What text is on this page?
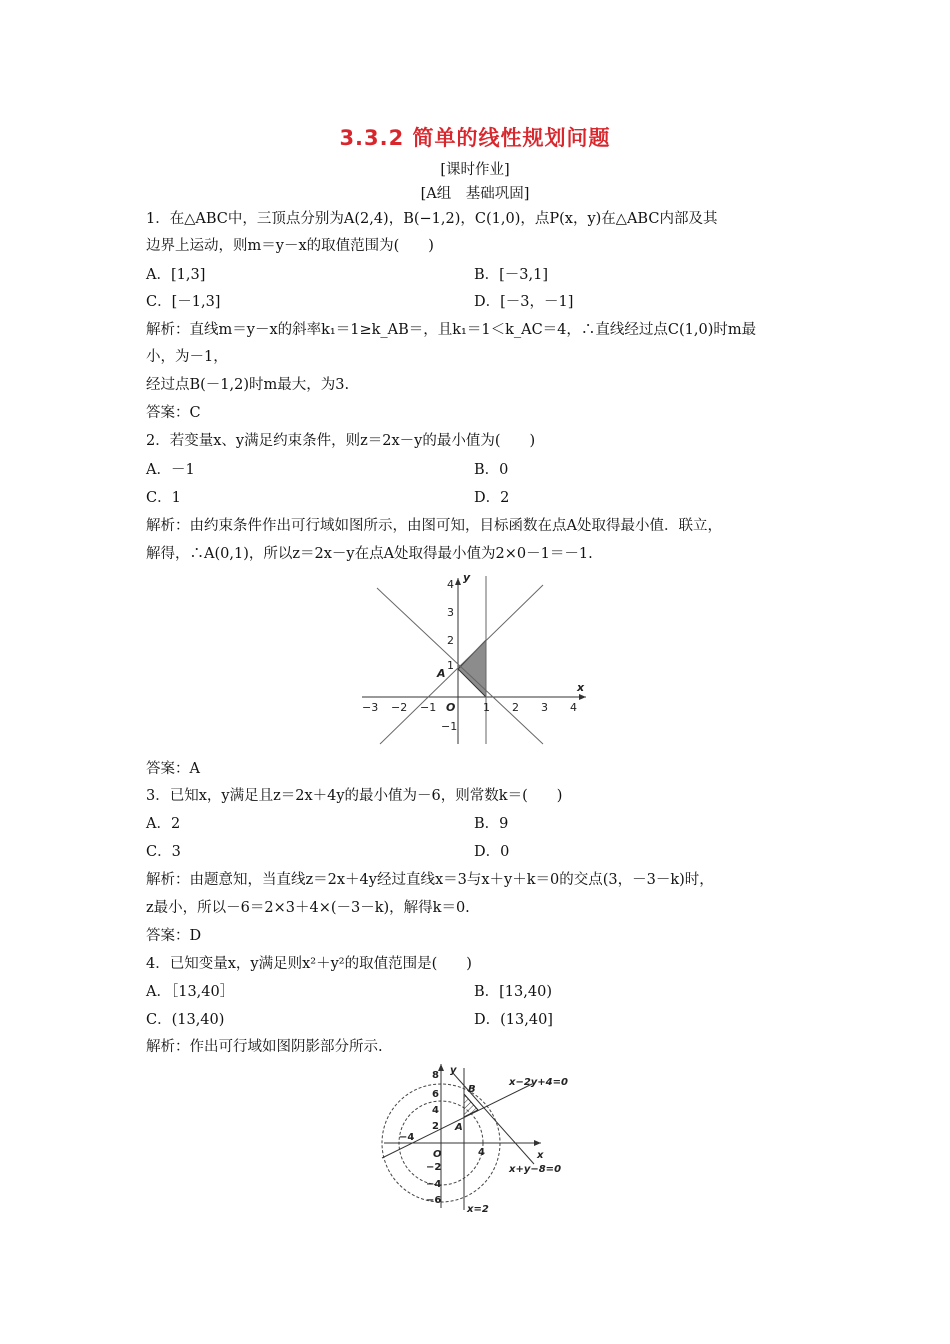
3.3.2 简单的线性规划问题
[课时作业]
[A组　基础巩固]
1．在△ABC中，三顶点分别为A(2,4)，B(−1,2)，C(1,0)，点P(x，y)在△ABC内部及其
边界上运动，则m＝y－x的取值范围为(　　)
A．[1,3]	B．[－3,1]
C．[－1,3]	D．[－3，－1]
解析：直线m＝y－x的斜率k₁＝1≥k_AB＝，且k₁＝1＜k_AC＝4，∴直线经过点C(1,0)时m最
小，为－1，
经过点B(－1,2)时m最大，为3.
答案：C
2．若变量x、y满足约束条件，则z＝2x－y的最小值为(　　)
A．－1	B．0
C．1	D．2
解析：由约束条件作出可行域如图所示，由图可知，目标函数在点A处取得最小值．联立，
解得，∴A(0,1)，所以z＝2x－y在点A处取得最小值为2×0－1＝－1.
x
y
O
A
−3 −2 −1	1 2 3 4
4
3
2
1
−1
答案：A
3．已知x，y满足且z＝2x＋4y的最小值为－6，则常数k＝(　　)
A．2	B．9
C．3	D．0
解析：由题意知，当直线z＝2x＋4y经过直线x＝3与x＋y＋k＝0的交点(3，－3－k)时，
z最小，所以－6＝2×3＋4×(－3－k)，解得k＝0.
答案：D
4．已知变量x，y满足则x²＋y²的取值范围是(　　)
A．［13,40］	B．[13,40)
C．(13,40)	D．(13,40]
解析：作出可行域如图阴影部分所示.
x
y
O
A
B
x−2y+4=0
x+y−8=0
x=2
−4
4
8
6
4
2
−2
−4
−6
